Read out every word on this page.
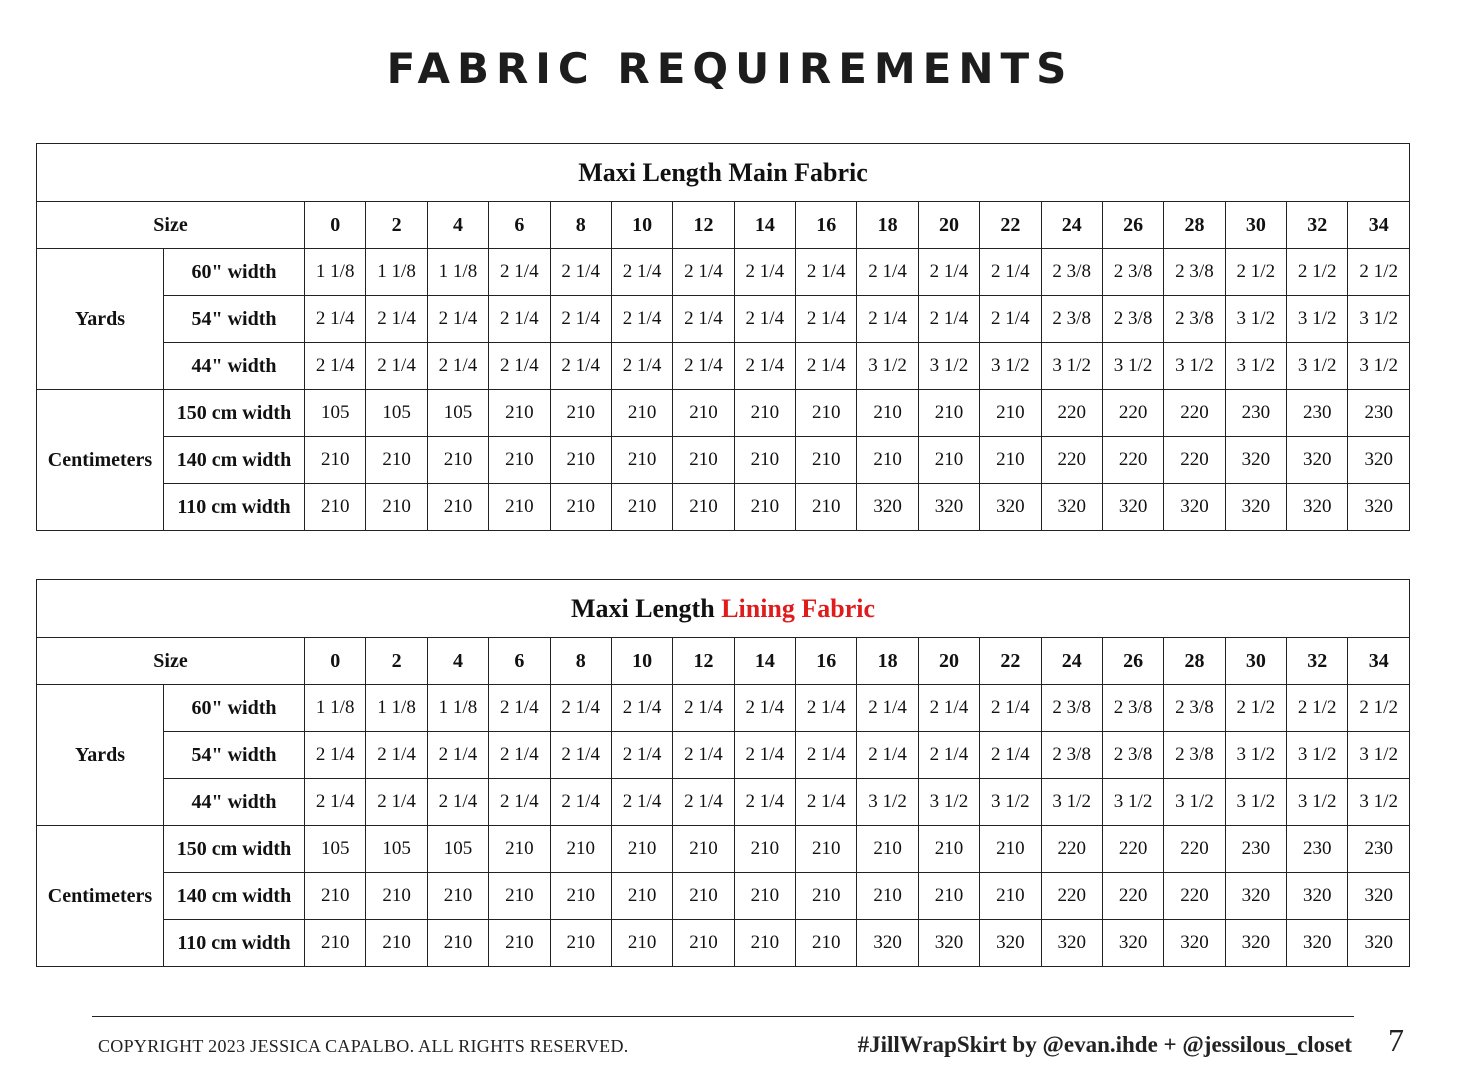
FABRIC REQUIREMENTS
Maxi Length Main Fabric																			
Size		0	2	4	6	8	10	12	14	16	18	20	22	24	26	28	30	32	34
Yards	60" width	1 1/8	1 1/8	1 1/8	2 1/4	2 1/4	2 1/4	2 1/4	2 1/4	2 1/4	2 1/4	2 1/4	2 1/4	2 3/8	2 3/8	2 3/8	2 1/2	2 1/2	2 1/2
	54" width	2 1/4	2 1/4	2 1/4	2 1/4	2 1/4	2 1/4	2 1/4	2 1/4	2 1/4	2 1/4	2 1/4	2 1/4	2 3/8	2 3/8	2 3/8	3 1/2	3 1/2	3 1/2
	44" width	2 1/4	2 1/4	2 1/4	2 1/4	2 1/4	2 1/4	2 1/4	2 1/4	2 1/4	3 1/2	3 1/2	3 1/2	3 1/2	3 1/2	3 1/2	3 1/2	3 1/2	3 1/2
Centimeters	150 cm width	105	105	105	210	210	210	210	210	210	210	210	210	220	220	220	230	230	230
	140 cm width	210	210	210	210	210	210	210	210	210	210	210	210	220	220	220	320	320	320
	110 cm width	210	210	210	210	210	210	210	210	210	320	320	320	320	320	320	320	320	320
Maxi Length Lining Fabric																			
Size		0	2	4	6	8	10	12	14	16	18	20	22	24	26	28	30	32	34
Yards	60" width	1 1/8	1 1/8	1 1/8	2 1/4	2 1/4	2 1/4	2 1/4	2 1/4	2 1/4	2 1/4	2 1/4	2 1/4	2 3/8	2 3/8	2 3/8	2 1/2	2 1/2	2 1/2
	54" width	2 1/4	2 1/4	2 1/4	2 1/4	2 1/4	2 1/4	2 1/4	2 1/4	2 1/4	2 1/4	2 1/4	2 1/4	2 3/8	2 3/8	2 3/8	3 1/2	3 1/2	3 1/2
	44" width	2 1/4	2 1/4	2 1/4	2 1/4	2 1/4	2 1/4	2 1/4	2 1/4	2 1/4	3 1/2	3 1/2	3 1/2	3 1/2	3 1/2	3 1/2	3 1/2	3 1/2	3 1/2
Centimeters	150 cm width	105	105	105	210	210	210	210	210	210	210	210	210	220	220	220	230	230	230
	140 cm width	210	210	210	210	210	210	210	210	210	210	210	210	220	220	220	320	320	320
	110 cm width	210	210	210	210	210	210	210	210	210	320	320	320	320	320	320	320	320	320
COPYRIGHT 2023 JESSICA CAPALBO. ALL RIGHTS RESERVED.	#JillWrapSkirt by @evan.ihde + @jessilous_closet 7
